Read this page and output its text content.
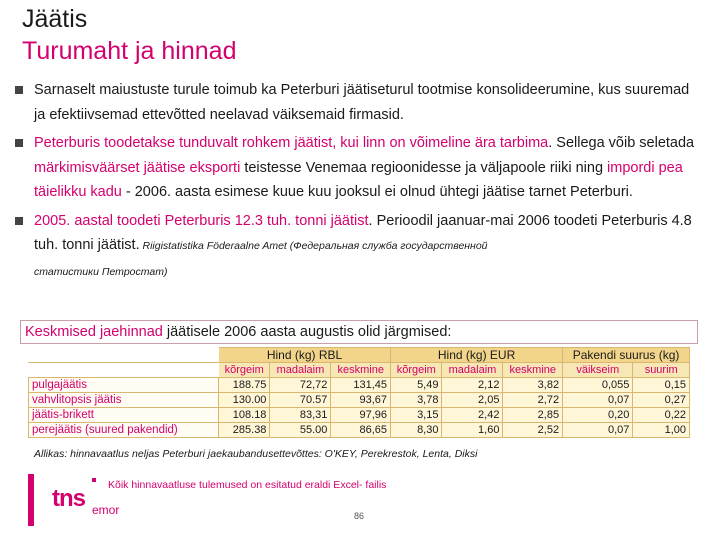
Jäätis
Turumaht ja hinnad
Sarnaselt maiustuste turule toimub ka Peterburi jäätiseturul tootmise konsolideerumine, kus suuremad ja efektiivsemad ettevõtted neelavad väiksemaid firmasid.
Peterburis toodetakse tunduvalt rohkem jäätist, kui linn on võimeline ära tarbima. Sellega võib seletada märkimisväärset jäätise eksporti teistesse Venemaa regioonidesse ja väljapoole riiki ning impordi pea täielikku kadu - 2006. aasta esimese kuue kuu jooksul ei olnud ühtegi jäätise tarnet Peterburi.
2005. aastal toodeti Peterburis 12.3 tuh. tonni jäätist. Perioodil jaanuar-mai 2006 toodeti Peterburis 4.8 tuh. tonni jäätist. Riigistatistika Föderaalne Amet (Федеральная служба государственной
статистики Петростат)
Keskmised jaehinnad jäätisele 2006 aasta augustis olid järgmised:
	Hind (kg) RBL			Hind (kg) EUR			Pakendi suurus (kg)	
	kõrgeim	madalaim	keskmine	kõrgeim	madalaim	keskmine	väikseim	suurim
pulgajäätis	188.75	72,72	131,45	5,49	2,12	3,82	0,055	0,15
vahvlitopsis jäätis	130.00	70.57	93,67	3,78	2,05	2,72	0,07	0,27
jäätis-brikett	108.18	83,31	97,96	3,15	2,42	2,85	0,20	0,22
perejäätis (suured pakendid)	285.38	55.00	86,65	8,30	1,60	2,52	0,07	1,00
Allikas: hinnavaatlus neljas Peterburi jaekaubandusettevõttes: O'KEY, Perekrestok, Lenta, Diksi
tns emor
Kõik hinnavaatluse tulemused on esitatud eraldi Excel- failis
86
